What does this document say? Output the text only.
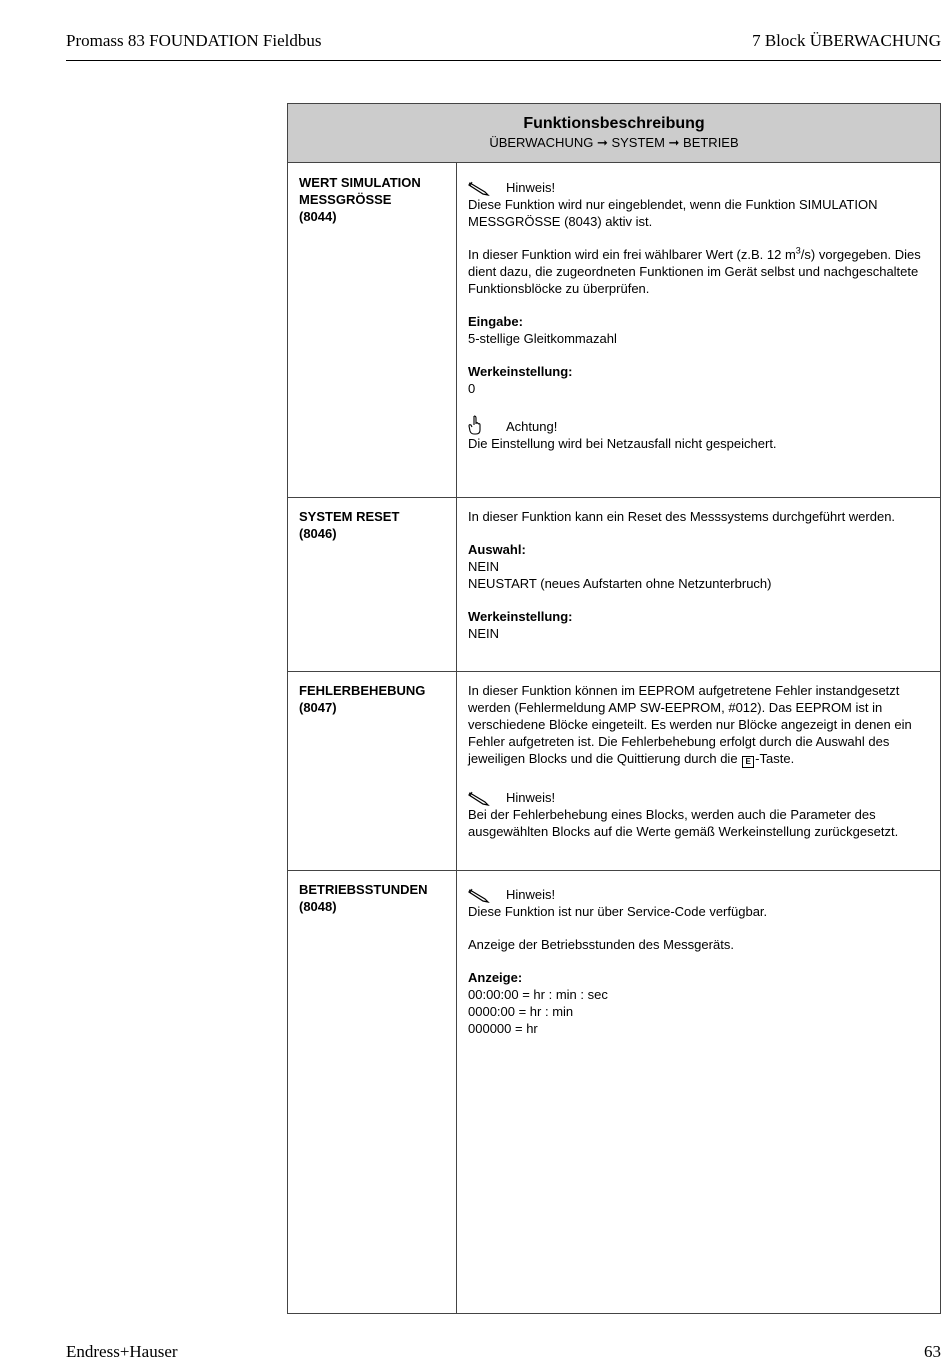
Promass 83 FOUNDATION Fieldbus	7 Block ÜBERWACHUNG
Funktionsbeschreibung
ÜBERWACHUNG ➞ SYSTEM ➞ BETRIEB
WERT SIMULATION
MESSGRÖSSE
(8044)
Hinweis!
Diese Funktion wird nur eingeblendet, wenn die Funktion SIMULATION MESSGRÖSSE (8043) aktiv ist.
In dieser Funktion wird ein frei wählbarer Wert (z.B. 12 $m^3/s$) vorgegeben. Dies dient dazu, die zugeordneten Funktionen im Gerät selbst und nachgeschaltete Funktionsblöcke zu überprüfen.
Eingabe:
5-stellige Gleitkommazahl
Werkeinstellung:
0
Achtung!
Die Einstellung wird bei Netzausfall nicht gespeichert.
SYSTEM RESET
(8046)
In dieser Funktion kann ein Reset des Messsystems durchgeführt werden.
Auswahl:
NEIN
NEUSTART (neues Aufstarten ohne Netzunterbruch)
Werkeinstellung:
NEIN
FEHLERBEHEBUNG
(8047)
In dieser Funktion können im EEPROM aufgetretene Fehler instandgesetzt werden (Fehlermeldung AMP SW-EEPROM, #012). Das EEPROM ist in verschiedene Blöcke eingeteilt. Es werden nur Blöcke angezeigt in denen ein Fehler aufgetreten ist. Die Fehlerbehebung erfolgt durch die Auswahl des jeweiligen Blocks und die Quittierung durch die E -Taste.
Hinweis!
Bei der Fehlerbehebung eines Blocks, werden auch die Parameter des ausgewählten Blocks auf die Werte gemäß Werkeinstellung zurückgesetzt.
BETRIEBSSTUNDEN
(8048)
Hinweis!
Diese Funktion ist nur über Service-Code verfügbar.
Anzeige der Betriebsstunden des Messgeräts.
Anzeige:
00:00:00 = hr : min : sec
0000:00 = hr : min
000000 = hr
Endress+Hauser	63
